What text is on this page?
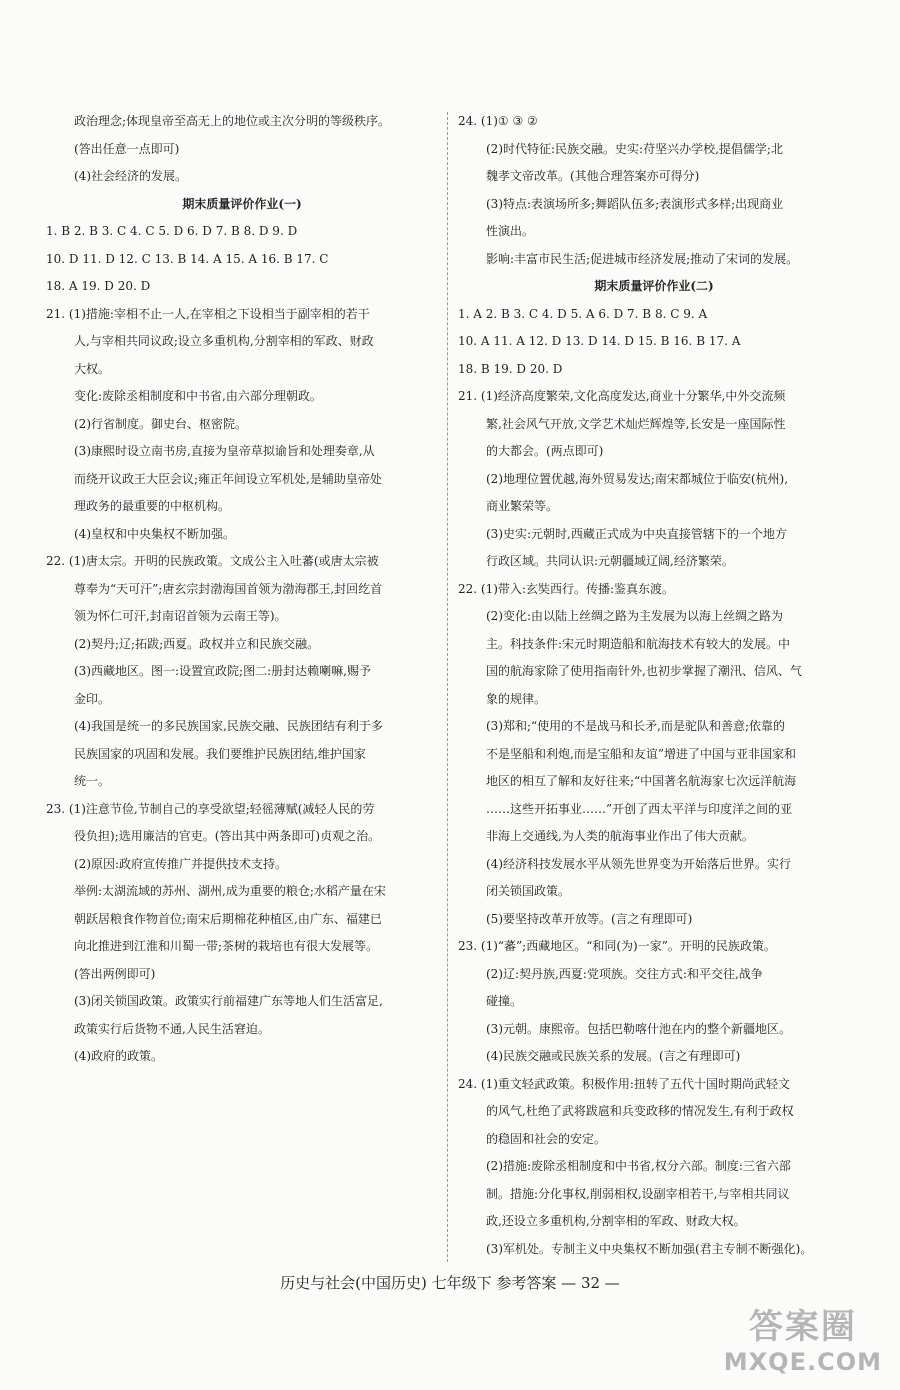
政治理念;体现皇帝至高无上的地位或主次分明的等级秩序。
(答出任意一点即可)
(4)社会经济的发展。
期末质量评价作业(一)
1. B 2. B 3. C 4. C 5. D 6. D 7. B 8. D 9. D
10. D 11. D 12. C 13. B 14. A 15. A 16. B 17. C
18. A 19. D 20. D
21. (1)措施:宰相不止一人,在宰相之下设相当于副宰相的若干
人,与宰相共同议政;设立多重机构,分割宰相的军政、财政
大权。
变化:废除丞相制度和中书省,由六部分理朝政。
(2)行省制度。御史台、枢密院。
(3)康熙时设立南书房,直接为皇帝草拟谕旨和处理奏章,从
而绕开议政王大臣会议;雍正年间设立军机处,是辅助皇帝处
理政务的最重要的中枢机构。
(4)皇权和中央集权不断加强。
22. (1)唐太宗。开明的民族政策。文成公主入吐蕃(或唐太宗被
尊奉为“天可汗”;唐玄宗封渤海国首领为渤海郡王,封回纥首
领为怀仁可汗,封南诏首领为云南王等)。
(2)契丹;辽;拓跋;西夏。政权并立和民族交融。
(3)西藏地区。图一:设置宣政院;图二:册封达赖喇嘛,赐予
金印。
(4)我国是统一的多民族国家,民族交融、民族团结有利于多
民族国家的巩固和发展。我们要维护民族团结,维护国家
统一。
23. (1)注意节俭,节制自己的享受欲望;轻徭薄赋(减轻人民的劳
役负担);选用廉洁的官吏。(答出其中两条即可)贞观之治。
(2)原因:政府宣传推广并提供技术支持。
举例:太湖流域的苏州、湖州,成为重要的粮仓;水稻产量在宋
朝跃居粮食作物首位;南宋后期棉花种植区,由广东、福建已
向北推进到江淮和川蜀一带;茶树的栽培也有很大发展等。
(答出两例即可)
(3)闭关锁国政策。政策实行前福建广东等地人们生活富足,
政策实行后货物不通,人民生活窘迫。
(4)政府的政策。
24. (1)① ③ ②
(2)时代特征:民族交融。史实:苻坚兴办学校,提倡儒学;北
魏孝文帝改革。(其他合理答案亦可得分)
(3)特点:表演场所多;舞蹈队伍多;表演形式多样;出现商业
性演出。
影响:丰富市民生活;促进城市经济发展;推动了宋词的发展。
期末质量评价作业(二)
1. A 2. B 3. C 4. D 5. A 6. D 7. B 8. C 9. A
10. A 11. A 12. D 13. D 14. D 15. B 16. B 17. A
18. B 19. D 20. D
21. (1)经济高度繁荣,文化高度发达,商业十分繁华,中外交流频
繁,社会风气开放,文学艺术灿烂辉煌等,长安是一座国际性
的大都会。(两点即可)
(2)地理位置优越,海外贸易发达;南宋都城位于临安(杭州),
商业繁荣等。
(3)史实:元朝时,西藏正式成为中央直接管辖下的一个地方
行政区域。共同认识:元朝疆域辽阔,经济繁荣。
22. (1)带入:玄奘西行。传播:鉴真东渡。
(2)变化:由以陆上丝绸之路为主发展为以海上丝绸之路为
主。科技条件:宋元时期造船和航海技术有较大的发展。中
国的航海家除了使用指南针外,也初步掌握了潮汛、信风、气
象的规律。
(3)郑和;“使用的不是战马和长矛,而是驼队和善意;依靠的
不是坚船和利炮,而是宝船和友谊”增进了中国与亚非国家和
地区的相互了解和友好往来;“中国著名航海家七次远洋航海
……这些开拓事业……”开创了西太平洋与印度洋之间的亚
非海上交通线,为人类的航海事业作出了伟大贡献。
(4)经济科技发展水平从领先世界变为开始落后世界。实行
闭关锁国政策。
(5)要坚持改革开放等。(言之有理即可)
23. (1)“蕃”;西藏地区。“和同(为)一家”。开明的民族政策。
(2)辽:契丹族,西夏:党项族。交往方式:和平交往,战争
碰撞。
(3)元朝。康熙帝。包括巴勒喀什池在内的整个新疆地区。
(4)民族交融或民族关系的发展。(言之有理即可)
24. (1)重文轻武政策。积极作用:扭转了五代十国时期尚武轻文
的风气,杜绝了武将跋扈和兵变政移的情况发生,有利于政权
的稳固和社会的安定。
(2)措施:废除丞相制度和中书省,权分六部。制度:三省六部
制。措施:分化事权,削弱相权,设副宰相若干,与宰相共同议
政,还设立多重机构,分割宰相的军政、财政大权。
(3)军机处。专制主义中央集权不断加强(君主专制不断强化)。
历史与社会(中国历史) 七年级下 参考答案 — 32 —
答案圈
MXQE.COM
